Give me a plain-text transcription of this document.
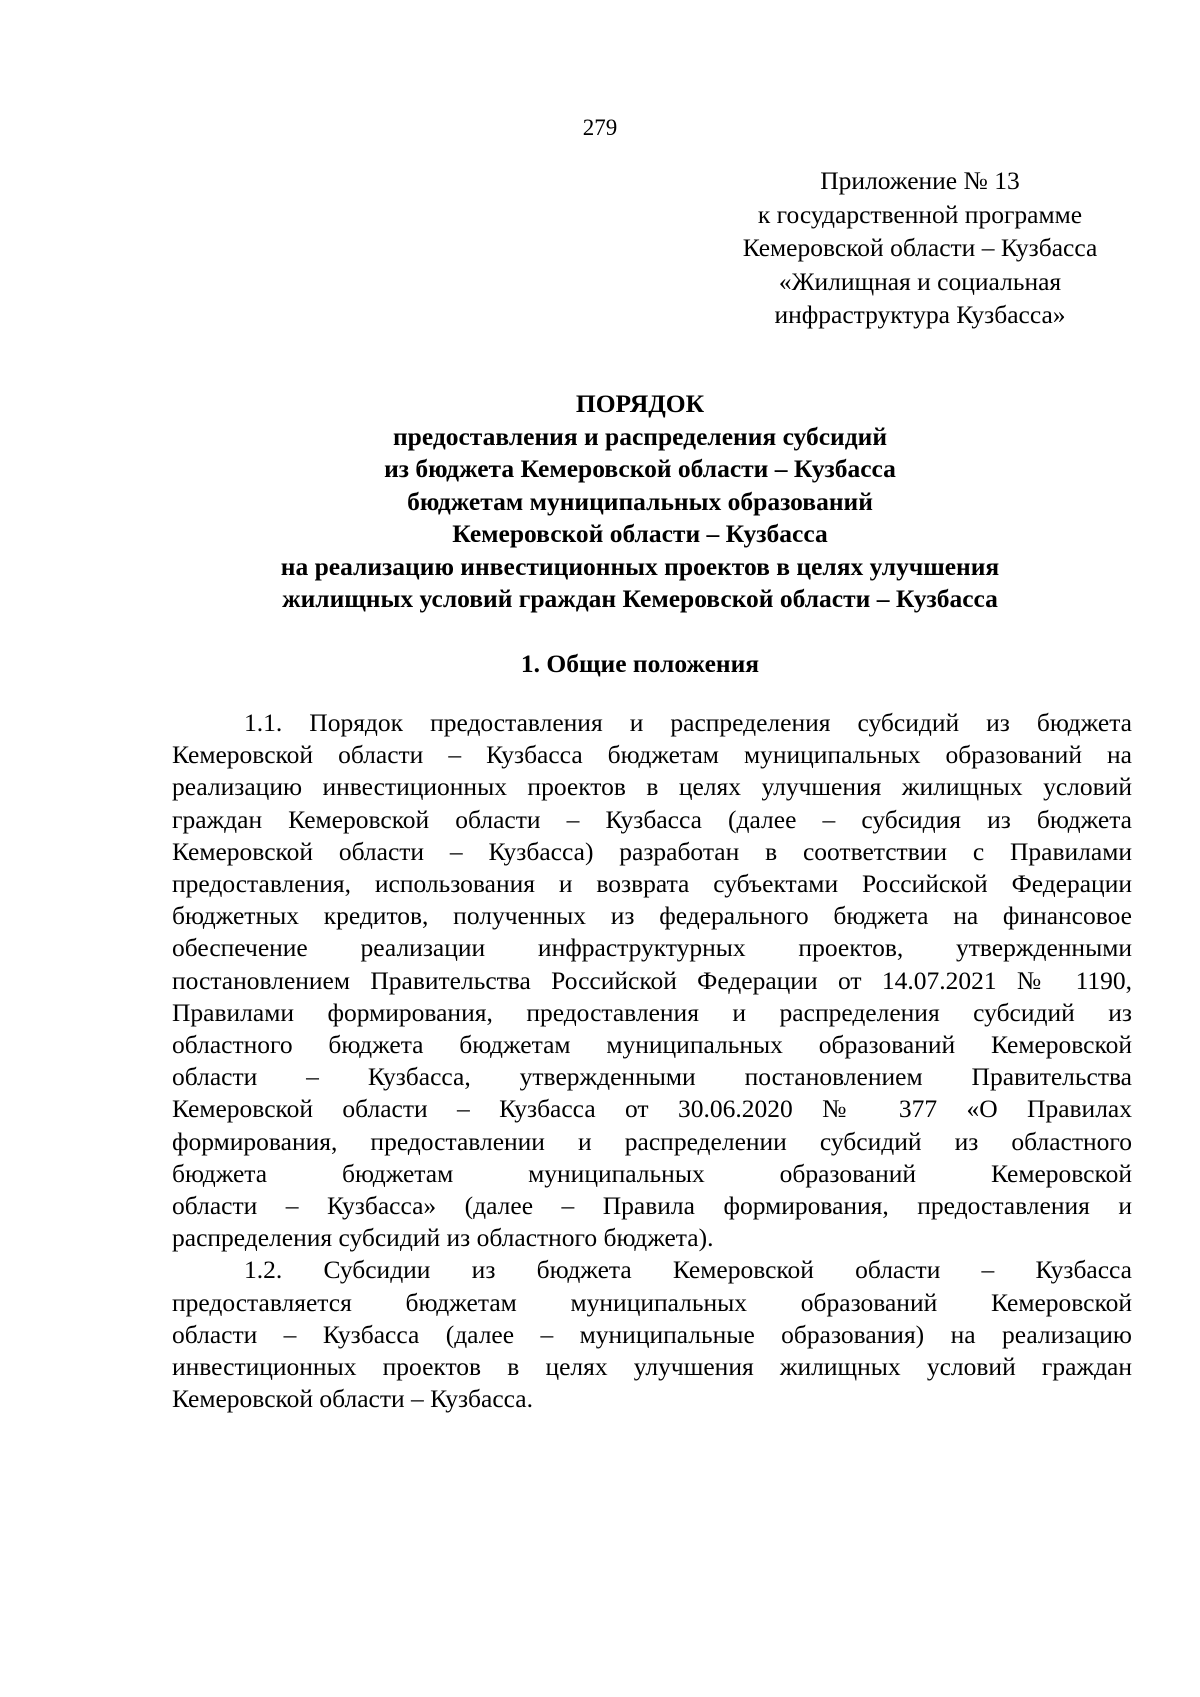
279
Приложение № 13
к государственной программе
Кемеровской области – Кузбасса
«Жилищная и социальная
инфраструктура Кузбасса»
ПОРЯДОК
предоставления и распределения субсидий
из бюджета Кемеровской области – Кузбасса
бюджетам муниципальных образований
Кемеровской области – Кузбасса
на реализацию инвестиционных проектов в целях улучшения
жилищных условий граждан Кемеровской области – Кузбасса
1. Общие положения
1.1. Порядок предоставления и распределения субсидий из бюджета
Кемеровской области – Кузбасса бюджетам муниципальных образований на
реализацию инвестиционных проектов в целях улучшения жилищных условий
граждан Кемеровской области – Кузбасса (далее – субсидия из бюджета
Кемеровской области – Кузбасса) разработан в соответствии с Правилами
предоставления, использования и возврата субъектами Российской Федерации
бюджетных кредитов, полученных из федерального бюджета на финансовое
обеспечение реализации инфраструктурных проектов, утвержденными
постановлением Правительства Российской Федерации от 14.07.2021 № 1190,
Правилами формирования, предоставления и распределения субсидий из
областного бюджета бюджетам муниципальных образований Кемеровской
области – Кузбасса, утвержденными постановлением Правительства
Кемеровской области – Кузбасса от 30.06.2020 № 377 «О Правилах
формирования, предоставлении и распределении субсидий из областного
бюджета бюджетам муниципальных образований Кемеровской
области – Кузбасса» (далее – Правила формирования, предоставления и
распределения субсидий из областного бюджета).
1.2. Субсидии из бюджета Кемеровской области – Кузбасса
предоставляется бюджетам муниципальных образований Кемеровской
области – Кузбасса (далее – муниципальные образования) на реализацию
инвестиционных проектов в целях улучшения жилищных условий граждан
Кемеровской области – Кузбасса.
